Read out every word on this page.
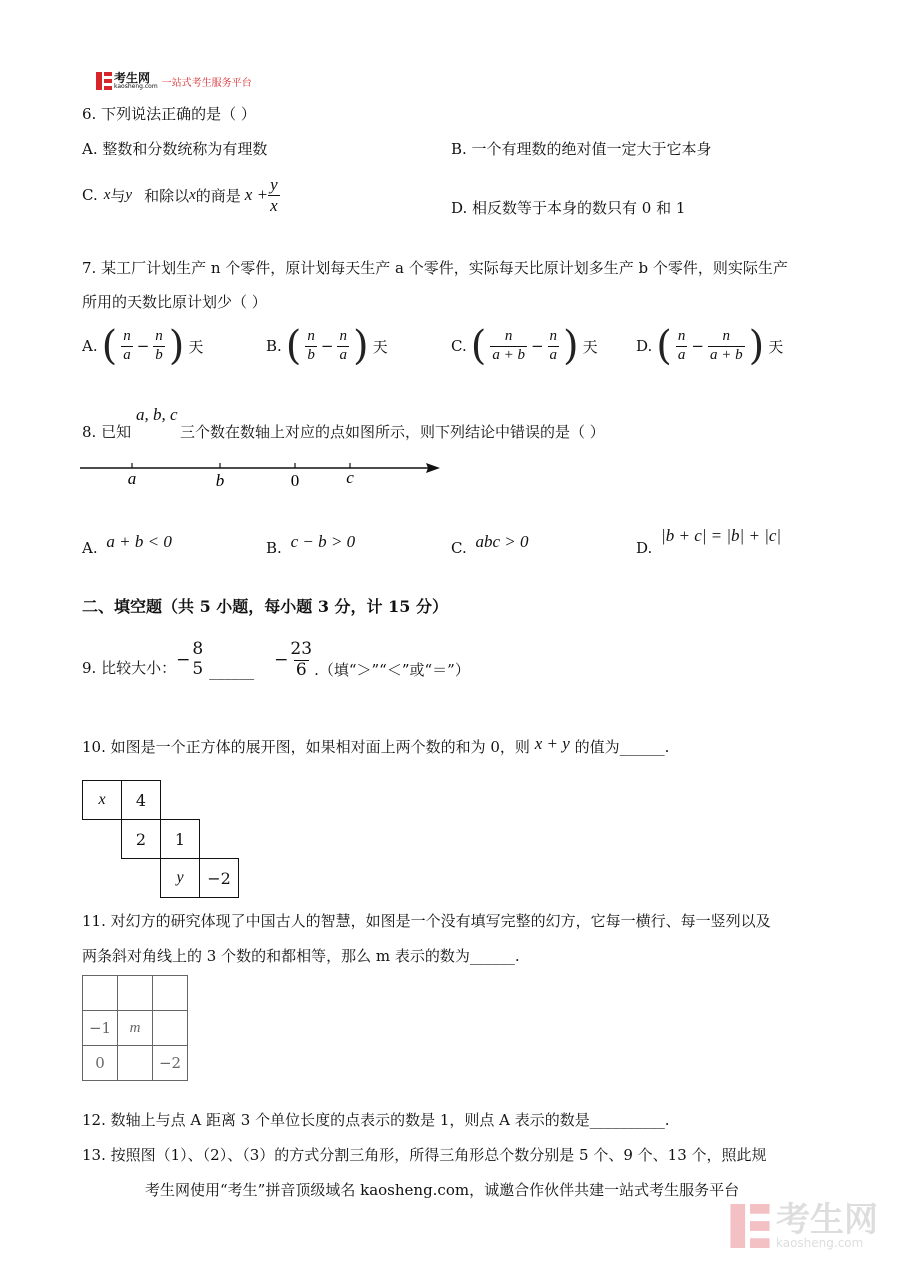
考生网
kaosheng.com 一站式考生服务平台
6. 下列说法正确的是（ ）
A. 整数和分数统称为有理数	B. 一个有理数的绝对值一定大于它本身
C. x 与 y 和除以 x 的商是 $x + \frac{y}{x}$	D. 相反数等于本身的数只有 0 和 1
7. 某工厂计划生产 n 个零件，原计划每天生产 a 个零件，实际每天比原计划多生产 b 个零件，则实际生产
所用的天数比原计划少（ ）
A. ( $\frac{n}{a} - \frac{n}{b}$ ) 天	B. ( $\frac{n}{b} - \frac{n}{a}$ ) 天	C. ( $\frac{n}{a + b} - \frac{n}{a}$ ) 天	D. ( $\frac{n}{a} - \frac{n}{a + b}$ ) 天
8. 已知
a, b, c
三个数在数轴上对应的点如图所示，则下列结论中错误的是（ ）
a	b	0	c
A. a + b < 0	B. c − b > 0	C. abc > 0	D. |b + c| = |b| + |c|
二、填空题（共 5 小题，每小题 3 分，计 15 分）
9. 比较大小： −
8
5 ______
− $\frac{23}{6}$ .（填“＞”“＜”或“＝”）
10. 如图是一个正方体的展开图，如果相对面上两个数的和为 0，则 x + y 的值为______.
x	4		
	2	1	
		y	−2
11. 对幻方的研究体现了中国古人的智慧，如图是一个没有填写完整的幻方，它每一横行、每一竖列以及
两条斜对角线上的 3 个数的和都相等，那么 m 表示的数为______.

−1	m	
0		−2
12. 数轴上与点 A 距离 3 个单位长度的点表示的数是 1，则点 A 表示的数是__________.
13. 按照图（1）、（2）、（3）的方式分割三角形，所得三角形总个数分别是 5 个、9 个、13 个，照此规
考生网使用“考生”拼音顶级域名 kaosheng.com，诚邀合作伙伴共建一站式考生服务平台
考生网
kaosheng.com
